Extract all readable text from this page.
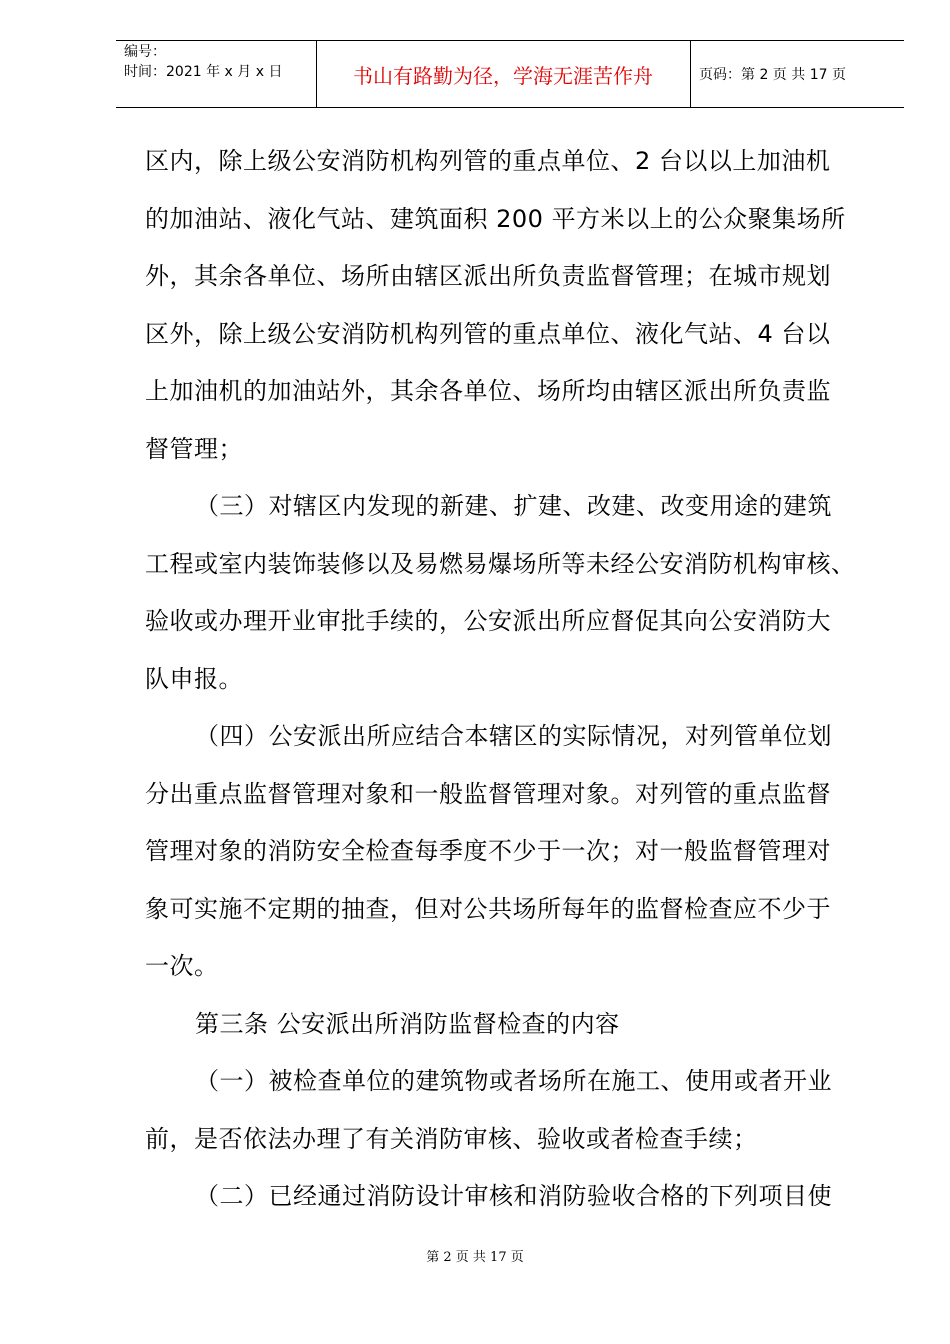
编号：
时间：2021 年 x 月 x 日	书山有路勤为径，学海无涯苦作舟	页码：第 2 页 共 17 页

区内，除上级公安消防机构列管的重点单位、2 台以以上加油机

的加油站、液化气站、建筑面积 200 平方米以上的公众聚集场所

外，其余各单位、场所由辖区派出所负责监督管理；在城市规划

区外，除上级公安消防机构列管的重点单位、液化气站、4 台以

上加油机的加油站外，其余各单位、场所均由辖区派出所负责监

督管理；

（三）对辖区内发现的新建、扩建、改建、改变用途的建筑

工程或室内装饰装修以及易燃易爆场所等未经公安消防机构审核、

验收或办理开业审批手续的，公安派出所应督促其向公安消防大

队申报。

（四）公安派出所应结合本辖区的实际情况，对列管单位划

分出重点监督管理对象和一般监督管理对象。对列管的重点监督

管理对象的消防安全检查每季度不少于一次；对一般监督管理对

象可实施不定期的抽查，但对公共场所每年的监督检查应不少于

一次。

第三条 公安派出所消防监督检查的内容

（一）被检查单位的建筑物或者场所在施工、使用或者开业

前，是否依法办理了有关消防审核、验收或者检查手续；

（二）已经通过消防设计审核和消防验收合格的下列项目使

第 2 页 共 17 页
